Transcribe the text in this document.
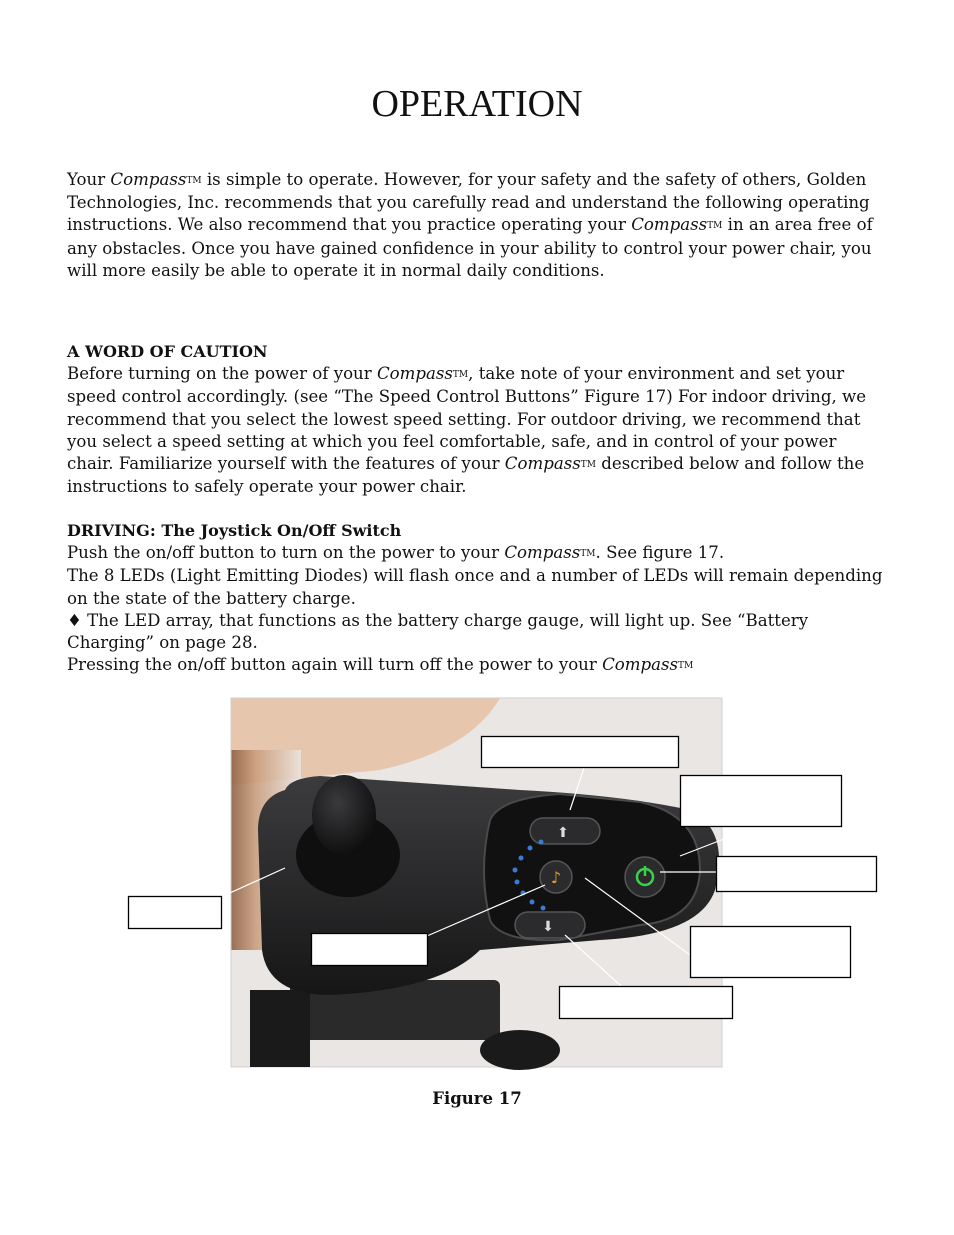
OPERATION

Your CompassTM is simple to operate. However, for your safety and the safety of others, Golden Technologies, Inc. recommends that you carefully read and understand the following operating instructions. We also recommend that you practice operating your CompassTM in an area free of any obstacles. Once you have gained confidence in your ability to control your power chair, you will more easily be able to operate it in normal daily conditions.

A WORD OF CAUTION

Before turning on the power of your CompassTM, take note of your environment and set your speed control accordingly. (see “The Speed Control Buttons” Figure 17) For indoor driving, we recommend that you select the lowest speed setting. For outdoor driving, we recommend that you select a speed setting at which you feel comfortable, safe, and in control of your power chair. Familiarize yourself with the features of your CompassTM described below and follow the instructions to safely operate your power chair.

DRIVING: The Joystick On/Off Switch

Push the on/off button to turn on the power to your CompassTM. See figure 17.

The 8 LEDs (Light Emitting Diodes) will flash once and a number of LEDs will remain depending on the state of the battery charge.

♦ The LED array, that functions as the battery charge gauge, will light up. See “Battery Charging” on page 28.

Pressing the on/off button again will turn off the power to your CompassTM

⬆
⬇
♪
Figure 17
